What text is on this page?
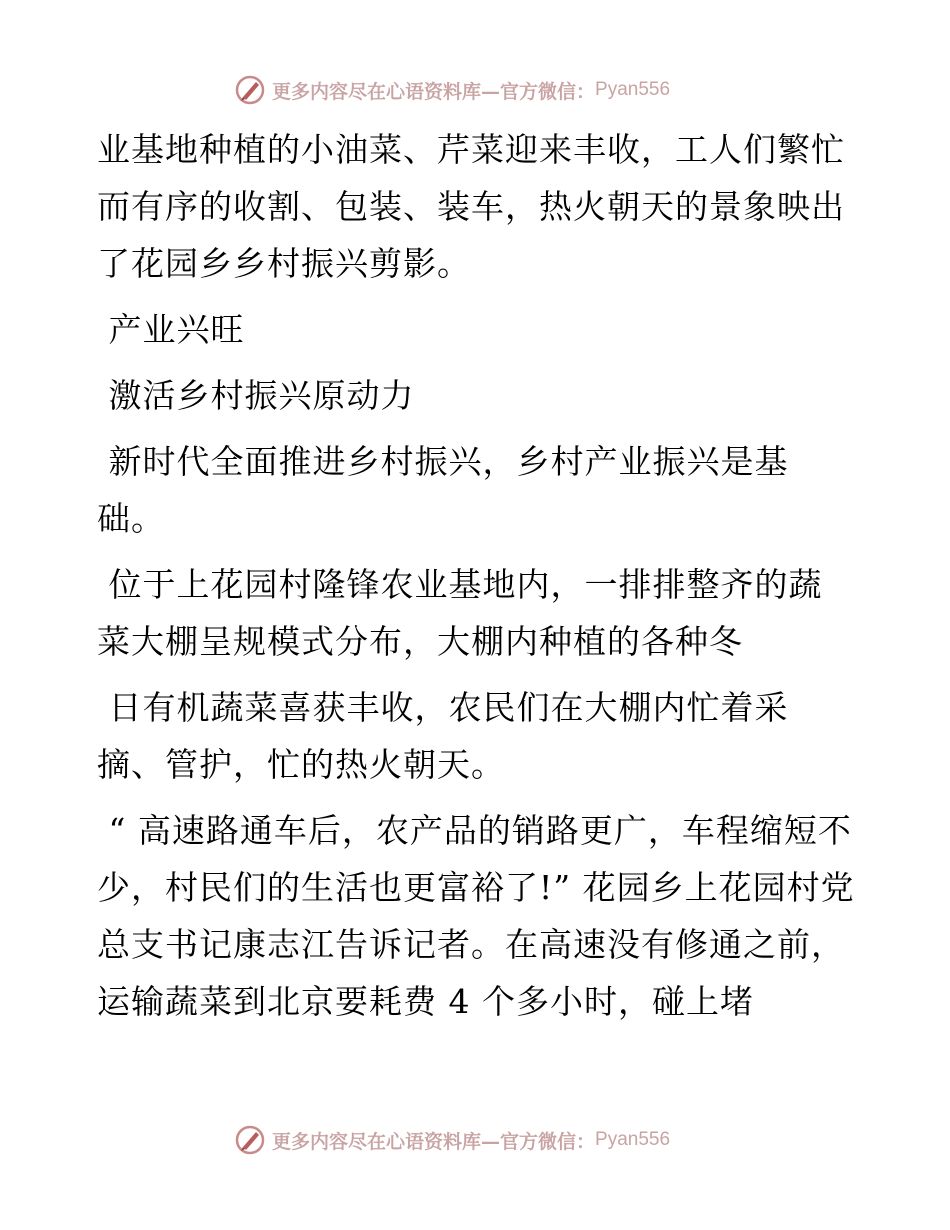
更多内容尽在心语资料库—官方微信： Pyan556

业基地种植的小油菜、芹菜迎来丰收，工人们繁忙而有序的收割、包装、装车，热火朝天的景象映出了花园乡乡村振兴剪影。

产业兴旺

激活乡村振兴原动力

新时代全面推进乡村振兴，乡村产业振兴是基
础。

位于上花园村隆锋农业基地内，一排排整齐的蔬
菜大棚呈规模式分布，大棚内种植的各种冬

日有机蔬菜喜获丰收，农民们在大棚内忙着采
摘、管护，忙的热火朝天。

“ 高速路通车后，农产品的销路更广，车程缩短不少，村民们的生活也更富裕了!” 花园乡上花园村党总支书记康志江告诉记者。在高速没有修通之前，运输蔬菜到北京要耗费 4 个多小时，碰上堵

更多内容尽在心语资料库—官方微信： Pyan556
